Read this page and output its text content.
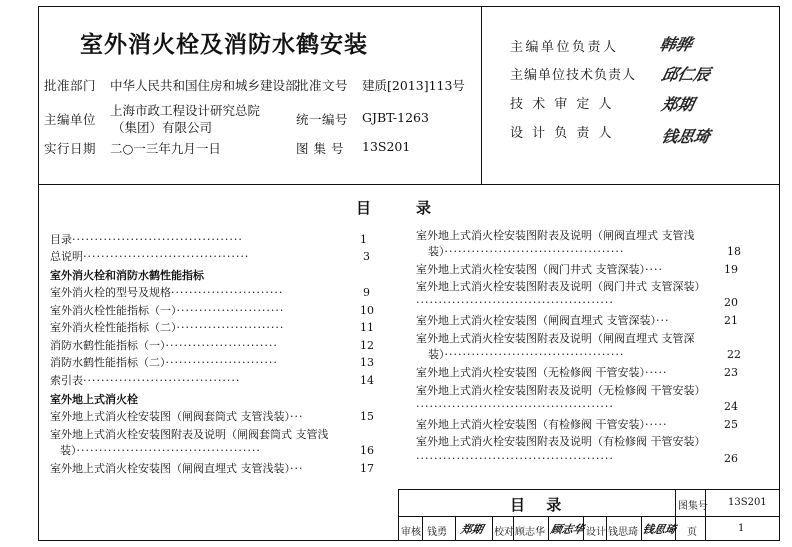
室外消火栓及消防水鹤安装
批准部门 中华人民共和国住房和城乡建设部
批准文号 建质[2013]113号
主编单位
上海市政工程设计研究总院
（集团）有限公司
统一编号 GJBT-1263
实行日期 二○一三年九月一日	图 集 号 13S201
主编单位负责人 韩骅
主编单位技术负责人 邱仁辰
技 术 审 定 人	郑期
设 计 负 责 人	钱思琦
目	录
目录······································	1
总说明·····································	3
室外消火栓和消防水鹤性能指标
室外消火栓的型号及规格·························	9
室外消火栓性能指标（一）························	10
室外消火栓性能指标（二）························	11
消防水鹤性能指标（一）·························	12
消防水鹤性能指标（二）·························	13
索引表···································	14
室外地上式消火栓
室外地上式消火栓安装图（闸阀套筒式 支管浅装）···	15
室外地上式消火栓安装图附表及说明（闸阀套筒式 支管浅
装）·········································	16
室外地上式消火栓安装图（闸阀直埋式 支管浅装）···	17
室外地上式消火栓安装图附表及说明（闸阀直埋式 支管浅
装）········································	18
室外地上式消火栓安装图（阀门井式 支管深装）····	19
室外地上式消火栓安装图附表及说明（阀门井式 支管深装）
············································	20
室外地上式消火栓安装图（闸阀直埋式 支管深装）···	21
室外地上式消火栓安装图附表及说明（闸阀直埋式 支管深
装）········································	22
室外地上式消火栓安装图（无检修阀 干管安装）·····	23
室外地上式消火栓安装图附表及说明（无检修阀 干管安装）
············································	24
室外地上式消火栓安装图（有检修阀 干管安装）·····	25
室外地上式消火栓安装图附表及说明（有检修阀 干管安装）
············································	26
目 录	图集号 13S201
审核 钱勇 郑期 校对 顾志华 顾志华 设计 钱思琦 钱思琦 页	1
